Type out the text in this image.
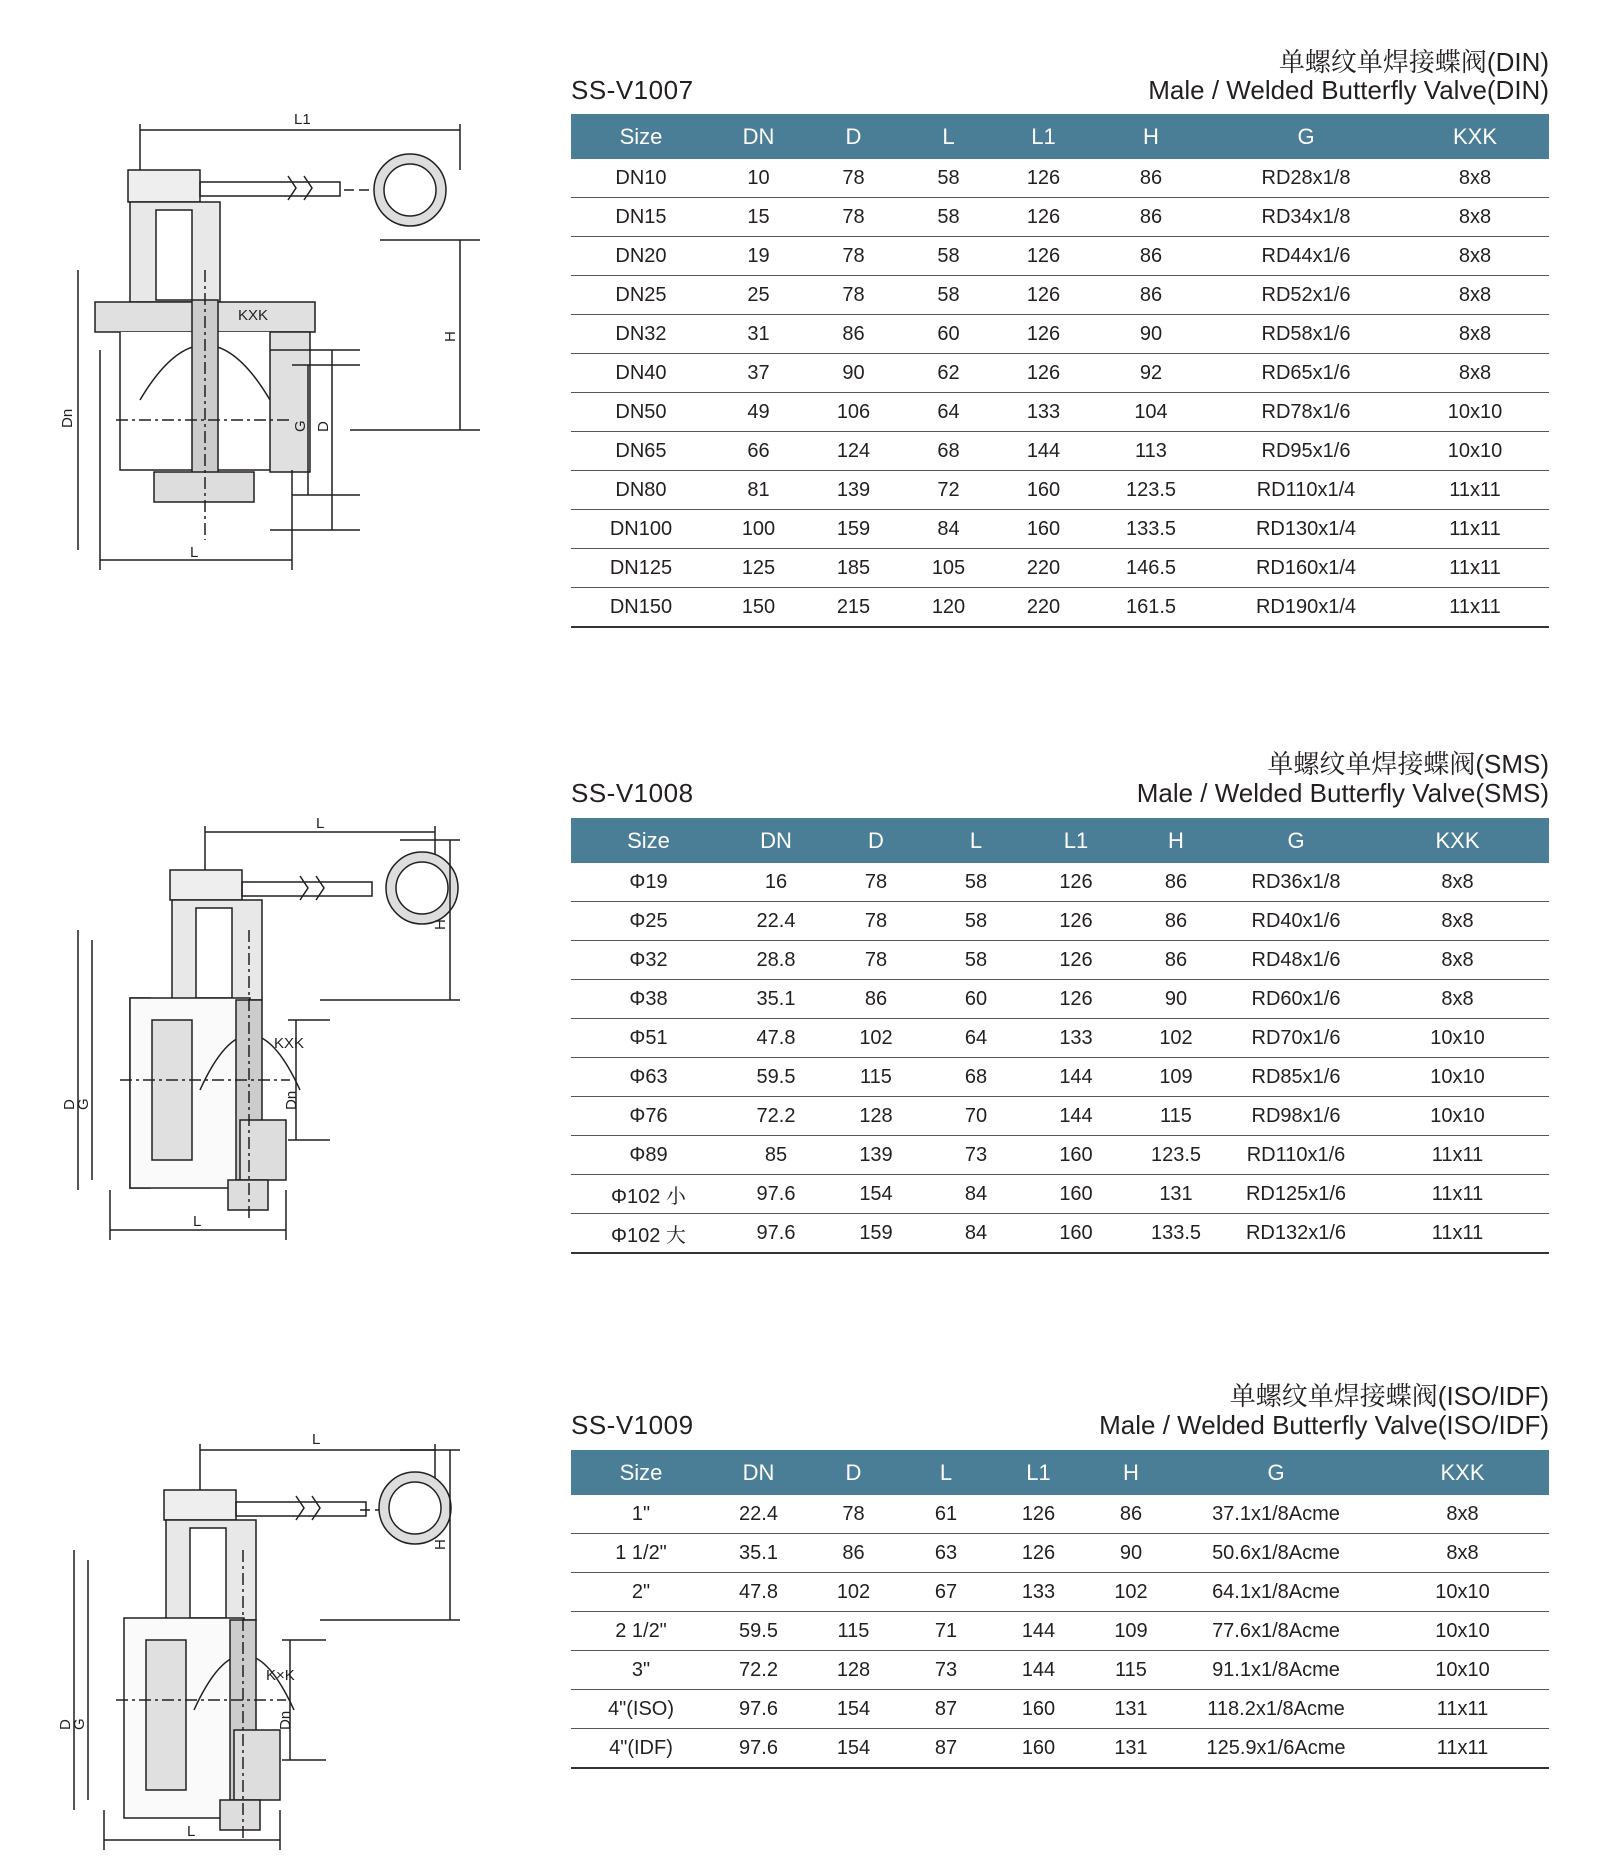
L1
H
KXK
Dn	G D
L
单螺纹单焊接蝶阀(DIN)
SS-V1007	Male / Welded Butterfly Valve(DIN)
Size	DN	D	L	L1	H	G	KXK
DN10	10	78	58	126	86	RD28x1/8	8x8
DN15	15	78	58	126	86	RD34x1/8	8x8
DN20	19	78	58	126	86	RD44x1/6	8x8
DN25	25	78	58	126	86	RD52x1/6	8x8
DN32	31	86	60	126	90	RD58x1/6	8x8
DN40	37	90	62	126	92	RD65x1/6	8x8
DN50	49	106	64	133	104	RD78x1/6	10x10
DN65	66	124	68	144	113	RD95x1/6	10x10
DN80	81	139	72	160	123.5	RD110x1/4	11x11
DN100	100	159	84	160	133.5	RD130x1/4	11x11
DN125	125	185	105	220	146.5	RD160x1/4	11x11
DN150	150	215	120	220	161.5	RD190x1/4	11x11
L
H
KXK
D
G	Dn
L
单螺纹单焊接蝶阀(SMS)
SS-V1008	Male / Welded Butterfly Valve(SMS)
Size	DN	D	L	L1	H	G	KXK
Φ19	16	78	58	126	86	RD36x1/8	8x8
Φ25	22.4	78	58	126	86	RD40x1/6	8x8
Φ32	28.8	78	58	126	86	RD48x1/6	8x8
Φ38	35.1	86	60	126	90	RD60x1/6	8x8
Φ51	47.8	102	64	133	102	RD70x1/6	10x10
Φ63	59.5	115	68	144	109	RD85x1/6	10x10
Φ76	72.2	128	70	144	115	RD98x1/6	10x10
Φ89	85	139	73	160	123.5	RD110x1/6	11x11
Φ102 小	97.6	154	84	160	131	RD125x1/6	11x11
Φ102 大	97.6	159	84	160	133.5	RD132x1/6	11x11
L
H
K×K
D
G	Dn
L
单螺纹单焊接蝶阀(ISO/IDF)
SS-V1009	Male / Welded Butterfly Valve(ISO/IDF)
Size	DN	D	L	L1	H	G	KXK
1"	22.4	78	61	126	86	37.1x1/8Acme	8x8
1 1/2"	35.1	86	63	126	90	50.6x1/8Acme	8x8
2"	47.8	102	67	133	102	64.1x1/8Acme	10x10
2 1/2"	59.5	115	71	144	109	77.6x1/8Acme	10x10
3"	72.2	128	73	144	115	91.1x1/8Acme	10x10
4"(ISO)	97.6	154	87	160	131	118.2x1/8Acme	11x11
4"(IDF)	97.6	154	87	160	131	125.9x1/6Acme	11x11
